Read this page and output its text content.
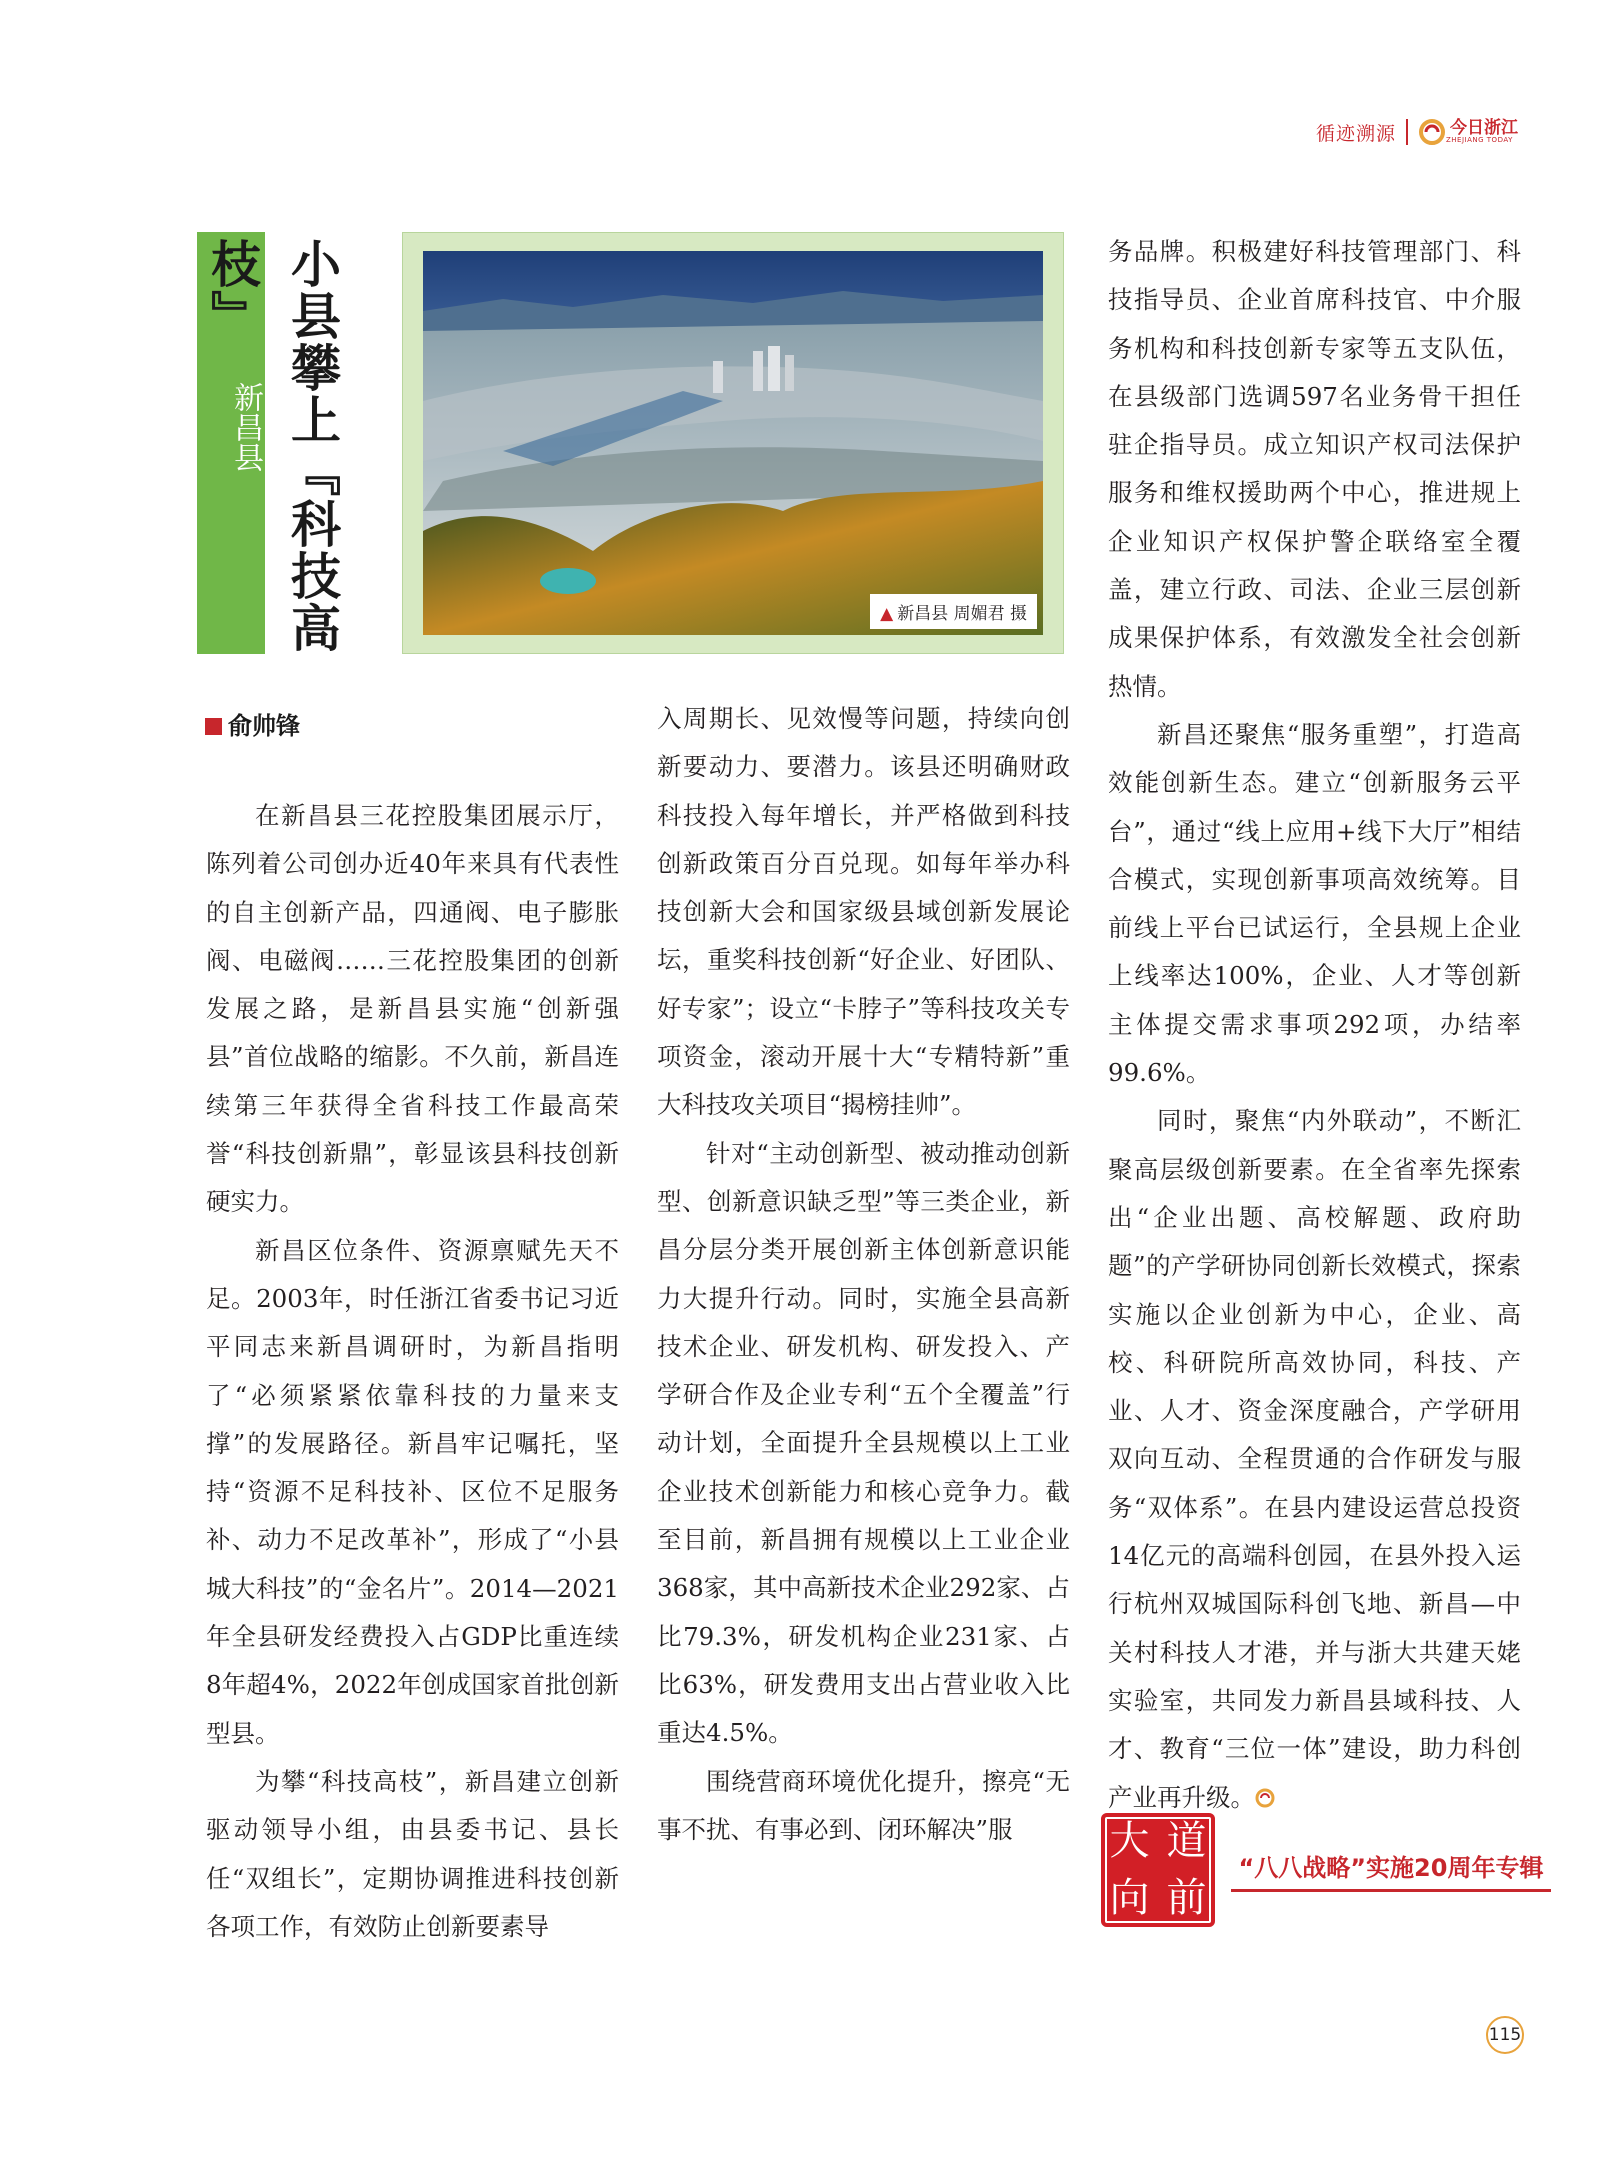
循迹溯源	今日浙江
ZHEJIANG TODAY
新昌县 小县攀上『科技高枝』
▲ 新昌县 周媚君 摄
俞帅锋

在新昌县三花控股集团展示厅，陈列着公司创办近40年来具有代表性的自主创新产品，四通阀、电子膨胀阀、电磁阀……三花控股集团的创新发展之路，是新昌县实施“创新强县”首位战略的缩影。不久前，新昌连续第三年获得全省科技工作最高荣誉“科技创新鼎”，彰显该县科技创新硬实力。

新昌区位条件、资源禀赋先天不足。2003年，时任浙江省委书记习近平同志来新昌调研时，为新昌指明了“必须紧紧依靠科技的力量来支撑”的发展路径。新昌牢记嘱托，坚持“资源不足科技补、区位不足服务补、动力不足改革补”，形成了“小县城大科技”的“金名片”。2014—2021年全县研发经费投入占GDP比重连续8年超4%，2022年创成国家首批创新型县。

为攀“科技高枝”，新昌建立创新驱动领导小组，由县委书记、县长任“双组长”，定期协调推进科技创新各项工作，有效防止创新要素导

入周期长、见效慢等问题，持续向创新要动力、要潜力。该县还明确财政科技投入每年增长，并严格做到科技创新政策百分百兑现。如每年举办科技创新大会和国家级县域创新发展论坛，重奖科技创新“好企业、好团队、好专家”；设立“卡脖子”等科技攻关专项资金，滚动开展十大“专精特新”重大科技攻关项目“揭榜挂帅”。

针对“主动创新型、被动推动创新型、创新意识缺乏型”等三类企业，新昌分层分类开展创新主体创新意识能力大提升行动。同时，实施全县高新技术企业、研发机构、研发投入、产学研合作及企业专利“五个全覆盖”行动计划，全面提升全县规模以上工业企业技术创新能力和核心竞争力。截至目前，新昌拥有规模以上工业企业368家，其中高新技术企业292家、占比79.3%，研发机构企业231家、占比63%，研发费用支出占营业收入比重达4.5%。

围绕营商环境优化提升，擦亮“无事不扰、有事必到、闭环解决”服

务品牌。积极建好科技管理部门、科技指导员、企业首席科技官、中介服务机构和科技创新专家等五支队伍，在县级部门选调597名业务骨干担任驻企指导员。成立知识产权司法保护服务和维权援助两个中心，推进规上企业知识产权保护警企联络室全覆盖，建立行政、司法、企业三层创新成果保护体系，有效激发全社会创新热情。

新昌还聚焦“服务重塑”，打造高效能创新生态。建立“创新服务云平台”，通过“线上应用+线下大厅”相结合模式，实现创新事项高效统筹。目前线上平台已试运行，全县规上企业上线率达100%，企业、人才等创新主体提交需求事项292项，办结率99.6%。

同时，聚焦“内外联动”，不断汇聚高层级创新要素。在全省率先探索出“企业出题、高校解题、政府助题”的产学研协同创新长效模式，探索实施以企业创新为中心，企业、高校、科研院所高效协同，科技、产业、人才、资金深度融合，产学研用双向互动、全程贯通的合作研发与服务“双体系”。在县内建设运营总投资14亿元的高端科创园，在县外投入运行杭州双城国际科创飞地、新昌—中关村科技人才港，并与浙大共建天姥实验室，共同发力新昌县域科技、人才、教育“三位一体”建设，助力科创产业再升级。

大 道
向 前
“八八战略”实施20周年专辑
115
